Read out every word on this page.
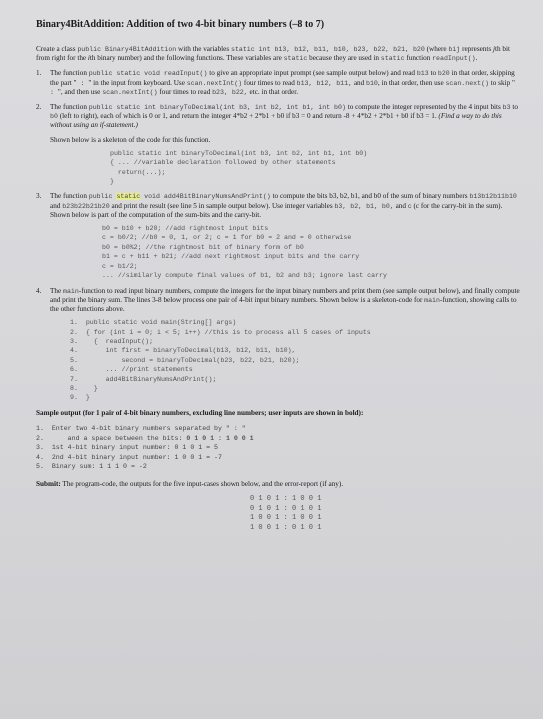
Binary4BitAddition: Addition of two 4-bit binary numbers (–8 to 7)

Create a class public Binary4BitAddition with the variables static int b13, b12, b11, b10, b23, b22, b21, b20 (where bij represents jth bit from right for the ith binary number) and the following functions. These variables are static because they are used in static function readInput().

1. The function public static void readInput() to give an appropriate input prompt (see sample output below) and read b13 to b20 in that order, skipping the part " : " in the input from keyboard. Use scan.nextInt() four times to read b13, b12, b11, and b10, in that order, then use scan.next() to skip " : ", and then use scan.nextInt() four times to read b23, b22, etc. in that order.
2. The function public static int binaryToDecimal(int b3, int b2, int b1, int b0) to compute the integer represented by the 4 input bits b3 to b0 (left to right), each of which is 0 or 1, and return the integer 4*b2 + 2*b1 + b0 if b3 = 0 and return -8 + 4*b2 + 2*b1 + b0 if b3 = 1. (Find a way to do this without using an if-statement.)
Shown below is a skeleton of the code for this function.
public static int binaryToDecimal(int b3, int b2, int b1, int b0)
{ ... //variable declaration followed by other statements
return(...);
}
3. The function public static void add4BitBinaryNumsAndPrint() to compute the bits b3, b2, b1, and b0 of the sum of binary numbers b13b12b11b10 and b23b22b21b20 and print the result (see line 5 in sample output below). Use integer variables b3, b2, b1, b0, and c (c for the carry-bit in the sum). Shown below is part of the computation of the sum-bits and the carry-bit.
b0 = b10 + b20; //add rightmost input bits
c = b0/2; //b0 = 0, 1, or 2; c = 1 for b0 = 2 and = 0 otherwise
b0 = b0%2; //the rightmost bit of binary form of b0
b1 = c + b11 + b21; //add next rightmost input bits and the carry
c = b1/2;
... //similarly compute final values of b1, b2 and b3; ignore last carry
4. The main-function to read input binary numbers, compute the integers for the input binary numbers and print them (see sample output below), and finally compute and print the binary sum. The lines 3-8 below process one pair of 4-bit input binary numbers. Shown below is a skeleton-code for main-function, showing calls to the other functions above.
1.  public static void main(String[] args)
2.  { for (int i = 0; i < 5; i++) //this is to process all 5 cases of inputs
3.    {  readInput();
4.       int first = binaryToDecimal(b13, b12, b11, b10),
5.           second = binaryToDecimal(b23, b22, b21, b20);
6.       ... //print statements
7.       add4BitBinaryNumsAndPrint();
8.    }
9.  }

Sample output (for 1 pair of 4-bit binary numbers, excluding line numbers; user inputs are shown in bold):

1.  Enter two 4-bit binary numbers separated by " : "
2.      and a space between the bits: 0 1 0 1 : 1 0 0 1
3.  1st 4-bit binary input number: 0 1 0 1 = 5
4.  2nd 4-bit binary input number: 1 0 0 1 = -7
5.  Binary sum: 1 1 1 0 = -2

Submit: The program-code, the outputs for the five input-cases shown below, and the error-report (if any).

0 1 0 1 : 1 0 0 1
0 1 0 1 : 0 1 0 1
1 0 0 1 : 1 0 0 1
1 0 0 1 : 0 1 0 1
